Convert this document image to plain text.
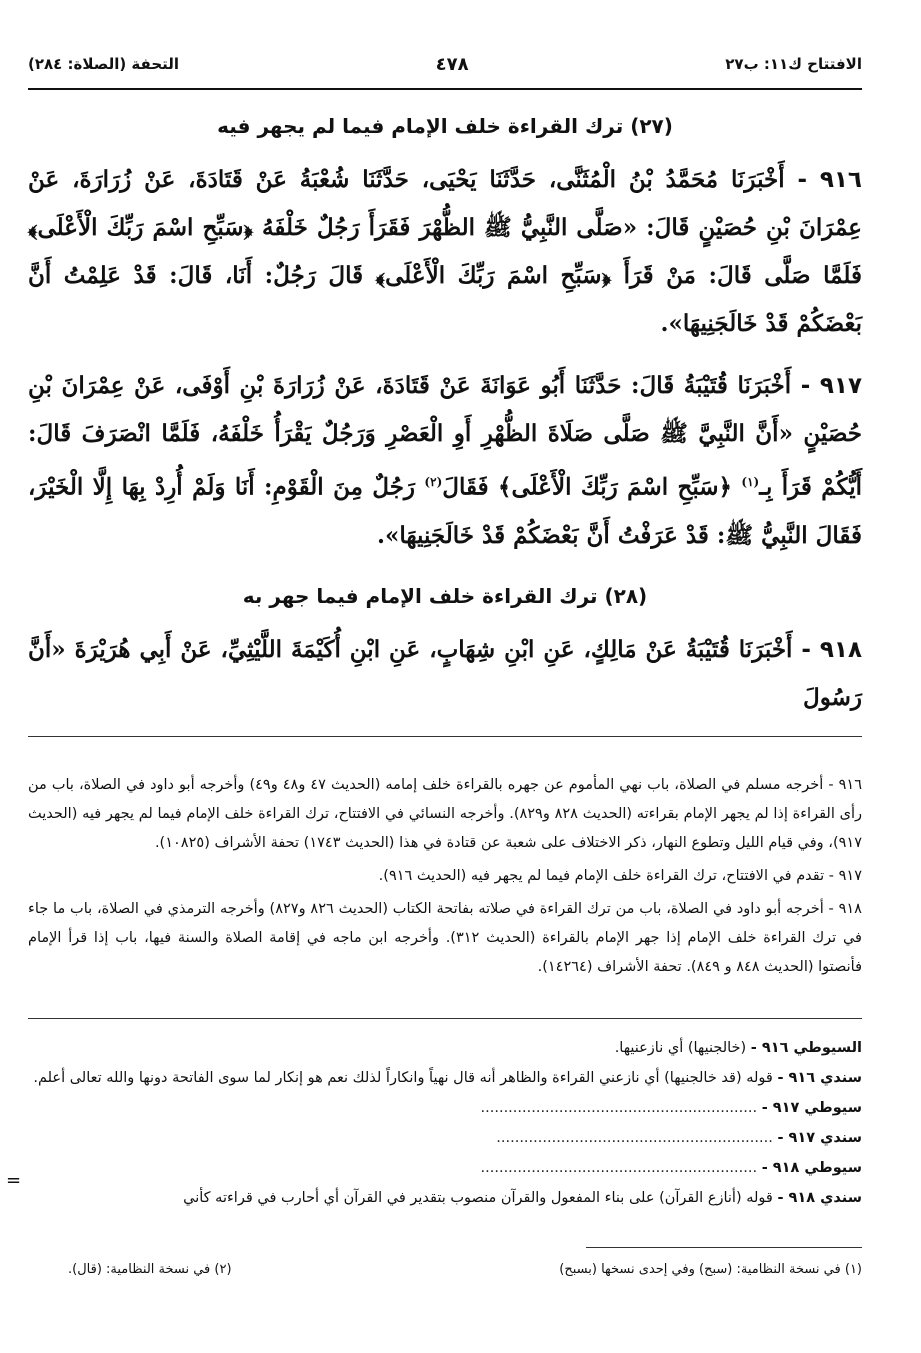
الافتتاح ك١١: ب٢٧
٤٧٨
التحفة (الصلاة: ٢٨٤)
(٢٧) ترك القراءة خلف الإمام فيما لم يجهر فيه

٩١٦ - أَخْبَرَنَا مُحَمَّدُ بْنُ الْمُثَنَّى، حَدَّثَنَا يَحْيَى، حَدَّثَنَا شُعْبَةُ عَنْ قَتَادَةَ، عَنْ زُرَارَةَ، عَنْ عِمْرَانَ بْنِ حُصَيْنٍ قَالَ: «صَلَّى النَّبِيُّ ﷺ الظُّهْرَ فَقَرَأَ رَجُلٌ خَلْفَهُ ﴿سَبِّحِ اسْمَ رَبِّكَ الْأَعْلَى﴾ فَلَمَّا صَلَّى قَالَ: مَنْ قَرَأَ ﴿سَبِّحِ اسْمَ رَبِّكَ الْأَعْلَى﴾ قَالَ رَجُلٌ: أَنَا، قَالَ: قَدْ عَلِمْتُ أَنَّ بَعْضَكُمْ قَدْ خَالَجَنِيهَا».

٩١٧ - أَخْبَرَنَا قُتَيْبَةُ قَالَ: حَدَّثَنَا أَبُو عَوَانَةَ عَنْ قَتَادَةَ، عَنْ زُرَارَةَ بْنِ أَوْفَى، عَنْ عِمْرَانَ بْنِ حُصَيْنٍ «أَنَّ النَّبِيَّ ﷺ صَلَّى صَلَاةَ الظُّهْرِ أَوِ الْعَصْرِ وَرَجُلٌ يَقْرَأُ خَلْفَهُ، فَلَمَّا انْصَرَفَ قَالَ: أَيُّكُمْ قَرَأَ بِـ$^{(١)}$ ﴿سَبِّحِ اسْمَ رَبِّكَ الْأَعْلَى﴾ فَقَالَ$^{(٢)}$ رَجُلٌ مِنَ الْقَوْمِ: أَنَا وَلَمْ أُرِدْ بِهَا إِلَّا الْخَيْرَ، فَقَالَ النَّبِيُّ ﷺ: قَدْ عَرَفْتُ أَنَّ بَعْضَكُمْ قَدْ خَالَجَنِيهَا».

(٢٨) ترك القراءة خلف الإمام فيما جهر به

٩١٨ - أَخْبَرَنَا قُتَيْبَةُ عَنْ مَالِكٍ، عَنِ ابْنِ شِهَابٍ، عَنِ ابْنِ أُكَيْمَةَ اللَّيْثِيِّ، عَنْ أَبِي هُرَيْرَةَ «أَنَّ رَسُولَ

٩١٦ - أخرجه مسلم في الصلاة، باب نهي المأموم عن جهره بالقراءة خلف إمامه (الحديث ٤٧ و٤٨ و٤٩) وأخرجه أبو داود في الصلاة، باب من رأى القراءة إذا لم يجهر الإمام بقراءته (الحديث ٨٢٨ و٨٢٩). وأخرجه النسائي في الافتتاح، ترك القراءة خلف الإمام فيما لم يجهر فيه (الحديث ٩١٧)، وفي قيام الليل وتطوع النهار، ذكر الاختلاف على شعبة عن قتادة في هذا (الحديث ١٧٤٣) تحفة الأشراف (١٠٨٢٥).

٩١٧ - تقدم في الافتتاح، ترك القراءة خلف الإمام فيما لم يجهر فيه (الحديث ٩١٦).

٩١٨ - أخرجه أبو داود في الصلاة، باب من ترك القراءة في صلاته بفاتحة الكتاب (الحديث ٨٢٦ و٨٢٧) وأخرجه الترمذي في الصلاة، باب ما جاء في ترك القراءة خلف الإمام إذا جهر الإمام بالقراءة (الحديث ٣١٢). وأخرجه ابن ماجه في إقامة الصلاة والسنة فيها، باب إذا قرأ الإمام فأنصتوا (الحديث ٨٤٨ و ٨٤٩). تحفة الأشراف (١٤٢٦٤).

السيوطي ٩١٦ - (خالجنيها) أي نازعنيها.

سندي ٩١٦ - قوله (قد خالجنيها) أي نازعني القراءة والظاهر أنه قال نهياً وانكاراً لذلك نعم هو إنكار لما سوى الفاتحة دونها والله تعالى أعلم.

سيوطي ٩١٧ - ............................................................

سندي ٩١٧ - ............................................................

سيوطي ٩١٨ - ............................................................

سندي ٩١٨ - قوله (أنازع القرآن) على بناء المفعول والقرآن منصوب بتقدير في القرآن أي أحارب في قراءته كأني

(١) في نسخة النظامية: (سبح) وفي إحدى نسخها (بسبح)
(٢) في نسخة النظامية: (قال).
=
